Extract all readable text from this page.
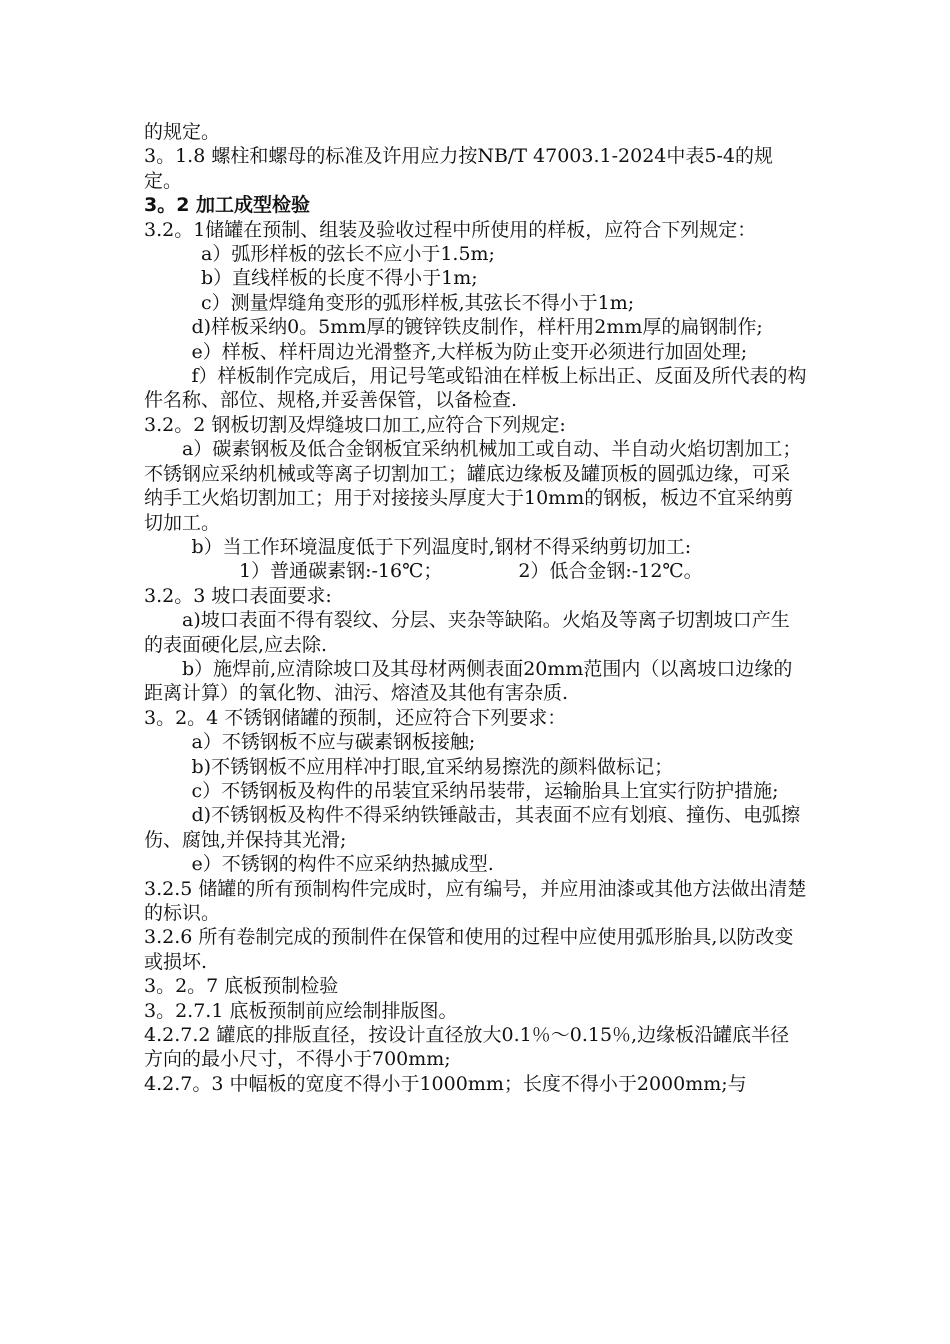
的规定。

3。1.8 螺柱和螺母的标准及许用应力按NB/T 47003.1-2024中表5-4的规定。

3。2 加工成型检验

3.2。1储罐在预制、组装及验收过程中所使用的样板，应符合下列规定：

a）弧形样板的弦长不应小于1.5m;

b）直线样板的长度不得小于1m;

c）测量焊缝角变形的弧形样板,其弦长不得小于1m;

d)样板采纳0。5mm厚的镀锌铁皮制作，样杆用2mm厚的扁钢制作;

e）样板、样杆周边光滑整齐,大样板为防止变开必须进行加固处理;

f）样板制作完成后，用记号笔或铅油在样板上标出正、反面及所代表的构件名称、部位、规格,并妥善保管，以备检查.

3.2。2 钢板切割及焊缝坡口加工,应符合下列规定:

a）碳素钢板及低合金钢板宜采纳机械加工或自动、半自动火焰切割加工；不锈钢应采纳机械或等离子切割加工；罐底边缘板及罐顶板的圆弧边缘，可采纳手工火焰切割加工；用于对接接头厚度大于10mm的钢板，板边不宜采纳剪切加工。

b）当工作环境温度低于下列温度时,钢材不得采纳剪切加工:

1）普通碳素钢:-16℃；	2）低合金钢:-12℃。

3.2。3 坡口表面要求:

a)坡口表面不得有裂纹、分层、夹杂等缺陷。火焰及等离子切割坡口产生的表面硬化层,应去除.

b）施焊前,应清除坡口及其母材两侧表面20mm范围内（以离坡口边缘的距离计算）的氧化物、油污、熔渣及其他有害杂质.

3。2。4 不锈钢储罐的预制，还应符合下列要求：

a）不锈钢板不应与碳素钢板接触;

b)不锈钢板不应用样冲打眼,宜采纳易擦洗的颜料做标记；

c）不锈钢板及构件的吊装宜采纳吊装带，运输胎具上宜实行防护措施;

d)不锈钢板及构件不得采纳铁锤敲击，其表面不应有划痕、撞伤、电弧擦伤、腐蚀,并保持其光滑;

e）不锈钢的构件不应采纳热摵成型.

3.2.5 储罐的所有预制构件完成时，应有编号，并应用油漆或其他方法做出清楚的标识。

3.2.6 所有卷制完成的预制件在保管和使用的过程中应使用弧形胎具,以防改变或损坏.

3。2。7 底板预制检验

3。2.7.1 底板预制前应绘制排版图。

4.2.7.2 罐底的排版直径，按设计直径放大0.1％～0.15％,边缘板沿罐底半径方向的最小尺寸，不得小于700mm;

4.2.7。3 中幅板的宽度不得小于1000mm；长度不得小于2000mm;与
